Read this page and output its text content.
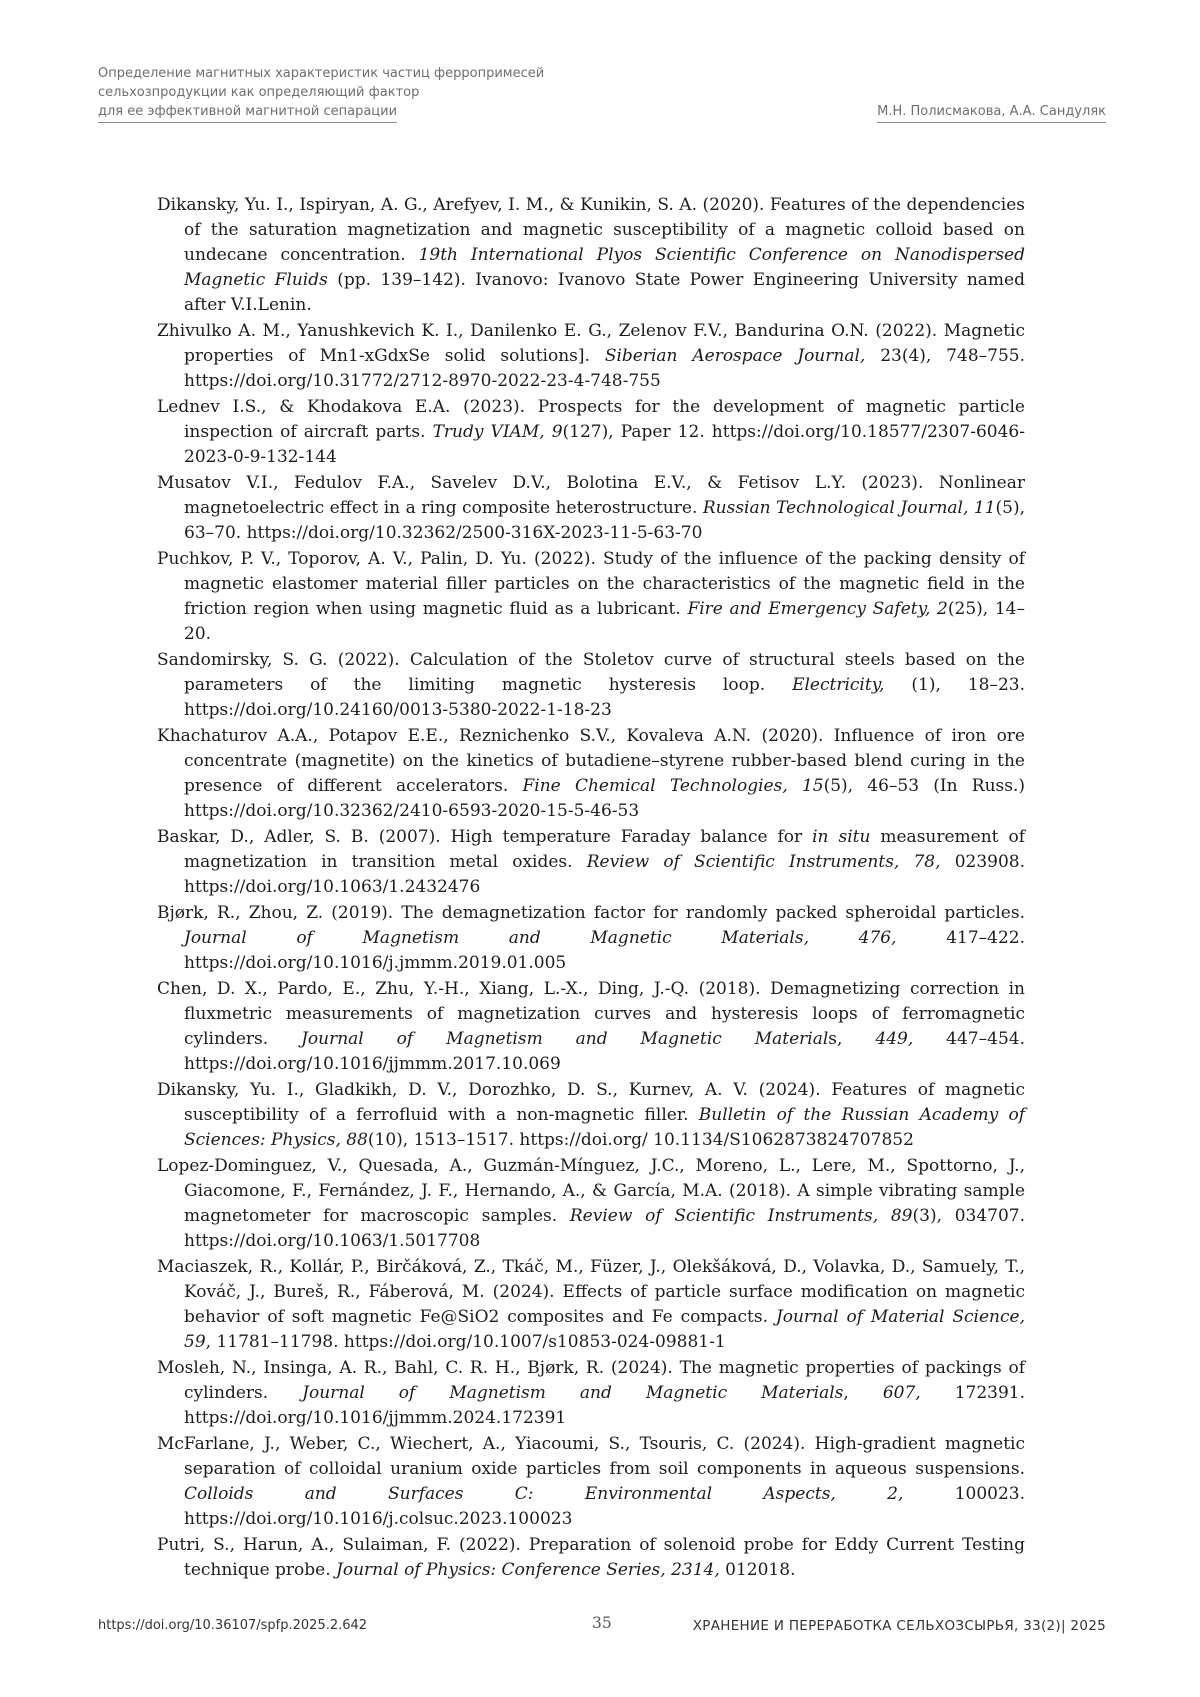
Определение магнитных характеристик частиц ферропримесей
сельхозпродукции как определяющий фактор
для ее эффективной магнитной сепарации	М.Н. Полисмакова, А.А. Сандуляк

Dikansky, Yu. I., Ispiryan, A. G., Arefyev, I. M., & Kunikin, S. A. (2020). Features of the dependencies of the saturation magnetization and magnetic susceptibility of a magnetic colloid based on undecane concentration. 19th International Plyos Scientific Conference on Nanodispersed Magnetic Fluids (pp. 139–142). Ivanovo: Ivanovo State Power Engineering University named after V.I.Lenin.

Zhivulko A. M., Yanushkevich K. I., Danilenko E. G., Zelenov F.V., Bandurina O.N. (2022). Magnetic properties of Mn1-xGdxSe solid solutions]. Siberian Aerospace Journal, 23(4), 748–755. https://doi.org/10.31772/2712-8970-2022-23-4-748-755

Lednev I.S., & Khodakova E.A. (2023). Prospects for the development of magnetic particle inspection of aircraft parts. Trudy VIAM, 9(127), Paper 12. https://doi.org/10.18577/2307-6046-2023-0-9-132-144

Musatov V.I., Fedulov F.A., Savelev D.V., Bolotina E.V., & Fetisov L.Y. (2023). Nonlinear magnetoelectric effect in a ring composite heterostructure. Russian Technological Journal, 11(5), 63–70. https://doi.org/10.32362/2500-316X-2023-11-5-63-70

Puchkov, P. V., Toporov, A. V., Palin, D. Yu. (2022). Study of the influence of the packing density of magnetic elastomer material filler particles on the characteristics of the magnetic field in the friction region when using magnetic fluid as a lubricant. Fire and Emergency Safety, 2(25), 14–20.

Sandomirsky, S. G. (2022). Calculation of the Stoletov curve of structural steels based on the parameters of the limiting magnetic hysteresis loop. Electricity, (1), 18–23. https://doi.org/10.24160/0013-5380-2022-1-18-23

Khachaturov A.A., Potapov E.E., Reznichenko S.V., Kovaleva A.N. (2020). Influence of iron ore concentrate (magnetite) on the kinetics of butadiene–styrene rubber-based blend curing in the presence of different accelerators. Fine Chemical Technologies, 15(5), 46–53 (In Russ.) https://doi.org/10.32362/2410-6593-2020-15-5-46-53

Baskar, D., Adler, S. B. (2007). High temperature Faraday balance for in situ measurement of magnetization in transition metal oxides. Review of Scientific Instruments, 78, 023908. https://doi.org/10.1063/1.2432476

Bjørk, R., Zhou, Z. (2019). The demagnetization factor for randomly packed spheroidal particles. Journal of Magnetism and Magnetic Materials, 476, 417–422. https://doi.org/10.1016/j.jmmm.2019.01.005

Chen, D. X., Pardo, E., Zhu, Y.-H., Xiang, L.-X., Ding, J.-Q. (2018). Demagnetizing correction in fluxmetric measurements of magnetization curves and hysteresis loops of ferromagnetic cylinders. Journal of Magnetism and Magnetic Materials, 449, 447–454. https://doi.org/10.1016/jjmmm.2017.10.069

Dikansky, Yu. I., Gladkikh, D. V., Dorozhko, D. S., Kurnev, A. V. (2024). Features of magnetic susceptibility of a ferrofluid with a non-magnetic filler. Bulletin of the Russian Academy of Sciences: Physics, 88(10), 1513–1517. https://doi.org/ 10.1134/S1062873824707852

Lopez-Dominguez, V., Quesada, A., Guzmán-Mínguez, J.C., Moreno, L., Lere, M., Spottorno, J., Giacomone, F., Fernández, J. F., Hernando, A., & García, M.A. (2018). A simple vibrating sample magnetometer for macroscopic samples. Review of Scientific Instruments, 89(3), 034707. https://doi.org/10.1063/1.5017708

Maciaszek, R., Kollár, P., Birčáková, Z., Tkáč, M., Füzer, J., Olekšáková, D., Volavka, D., Samuely, T., Kováč, J., Bureš, R., Fáberová, M. (2024). Effects of particle surface modification on magnetic behavior of soft magnetic Fe@SiO2 composites and Fe compacts. Journal of Material Science, 59, 11781–11798. https://doi.org/10.1007/s10853-024-09881-1

Mosleh, N., Insinga, A. R., Bahl, C. R. H., Bjørk, R. (2024). The magnetic properties of packings of cylinders. Journal of Magnetism and Magnetic Materials, 607, 172391. https://doi.org/10.1016/jjmmm.2024.172391

McFarlane, J., Weber, C., Wiechert, A., Yiacoumi, S., Tsouris, C. (2024). High-gradient magnetic separation of colloidal uranium oxide particles from soil components in aqueous suspensions. Colloids and Surfaces C: Environmental Aspects, 2, 100023. https://doi.org/10.1016/j.colsuc.2023.100023

Putri, S., Harun, A., Sulaiman, F. (2022). Preparation of solenoid probe for Eddy Current Testing technique probe. Journal of Physics: Conference Series, 2314, 012018.

https://doi.org/10.36107/spfp.2025.2.642	35	ХРАНЕНИЕ И ПЕРЕРАБОТКА СЕЛЬХОЗСЫРЬЯ, 33(2)| 2025
